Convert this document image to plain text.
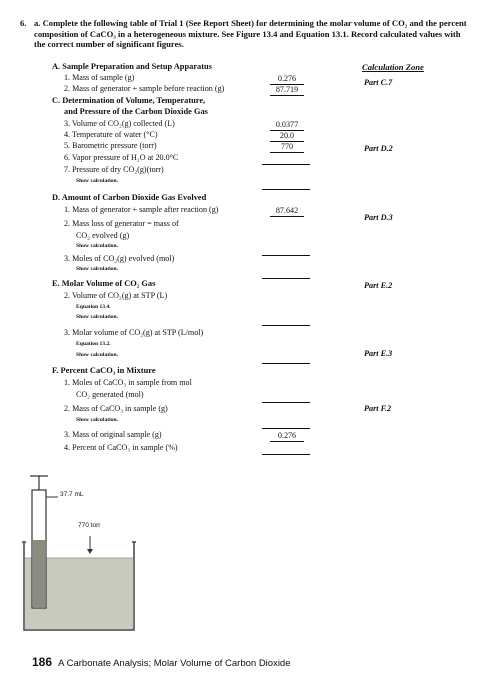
6. a. Complete the following table of Trial 1 (See Report Sheet) for determining the molar volume of CO₂ and the percent composition of CaCO₃ in a heterogeneous mixture. See Figure 13.4 and Equation 13.1. Record calculated values with the correct number of significant figures.
Calculation Zone
A. Sample Preparation and Setup Apparatus
1. Mass of sample (g)	0.276
2. Mass of generator + sample before reaction (g)	87.719
Part C.7
C. Determination of Volume, Temperature,
and Pressure of the Carbon Dioxide Gas
3. Volume of CO₂(g) collected (L)	0.0377
4. Temperature of water (°C)	20.0
Part D.2
5. Barometric pressure (torr)	770
6. Vapor pressure of H₂O at 20.0°C
7. Pressure of dry CO₂(g)(torr)
Show calculation.
D. Amount of Carbon Dioxide Gas Evolved
1. Mass of generator + sample after reaction (g)	87.642
Part D.3
2. Mass loss of generator = mass of
CO₂ evolved (g)
Show calculation.
3. Moles of CO₂(g) evolved (mol)
Show calculation.
Part E.2
E. Molar Volume of CO₂ Gas
2. Volume of CO₂(g) at STP (L)
Equation 13.4.
Show calculation.
3. Molar volume of CO₂(g) at STP (L/mol)
Equation 13.2.
Part E.3
Show calculation.
F. Percent CaCO₃ in Mixture
1. Moles of CaCO₃ in sample from mol
CO₂ generated (mol)
2. Mass of CaCO₃ in sample (g)	Part F.2
Show calculation.
3. Mass of original sample (g)	0.276
4. Percent of CaCO₃ in sample (%)
37.7 mL
770 torr
186 A Carbonate Analysis; Molar Volume of Carbon Dioxide
